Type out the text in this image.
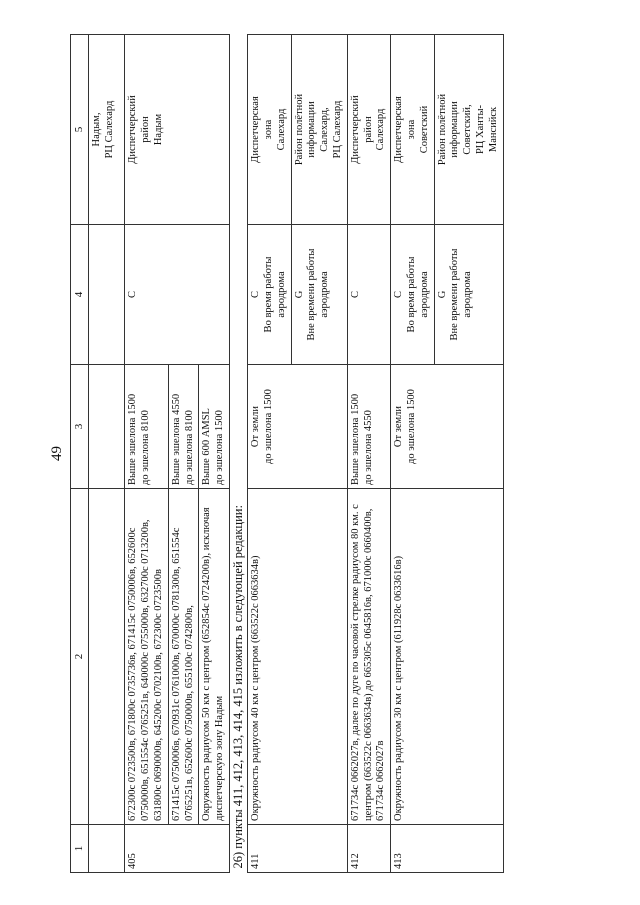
49
1	2	3	4	5
				Надым,
РЦ Салехард
405	672300с 0723500в, 671800с 0735736в, 671415с 0750006в, 652600с 0750000в, 651554с 0765251в, 640000с 0755000в, 632700с 0713200в, 631800с 0690000в, 645200с 0702100в, 672300с 0723500в	Выше эшелона 1500
до эшелона 8100	С	Диспетчерский
район
Надым
	671415с 0750006в, 670931с 0761000в, 670000с 0781300в, 651554с 0765251в, 652600с 0750000в, 655100с 0742800в,	Выше эшелона 4550
до эшелона 8100		
	Окружность радиусом 50 км с центром (652854с 0724200в), исключая диспетчерскую зону Надым	Выше 600 AMSL
до эшелона 1500		
26) пункты 411, 412, 413, 414, 415 изложить в следующей редакции:				
411	Окружность радиусом 40 км с центром (663522с 0663634в)	От земли
до эшелона 1500	С
Во время работы
аэродрома	Диспетчерская
зона
Салехард
			G
Вне времени работы
аэродрома	Район полётной
информации
Салехард,
РЦ Салехард
412	671734с 0662027в, далее по дуге по часовой стрелке радиусом 80 км. с центром (663522с 0663634в) до 665305с 0645816в, 671000с 0660400в, 671734с 0662027в	Выше эшелона 1500
до эшелона 4550	С	Диспетчерский
район
Салехард
413	Окружность радиусом 30 км с центром (611928с 0633616в)	От земли
до эшелона 1500	С
Во время работы
аэродрома	Диспетчерская
зона
Советский
			G
Вне времени работы
аэродрома	Район полётной
информации
Советский,
РЦ Ханты-
Мансийск
